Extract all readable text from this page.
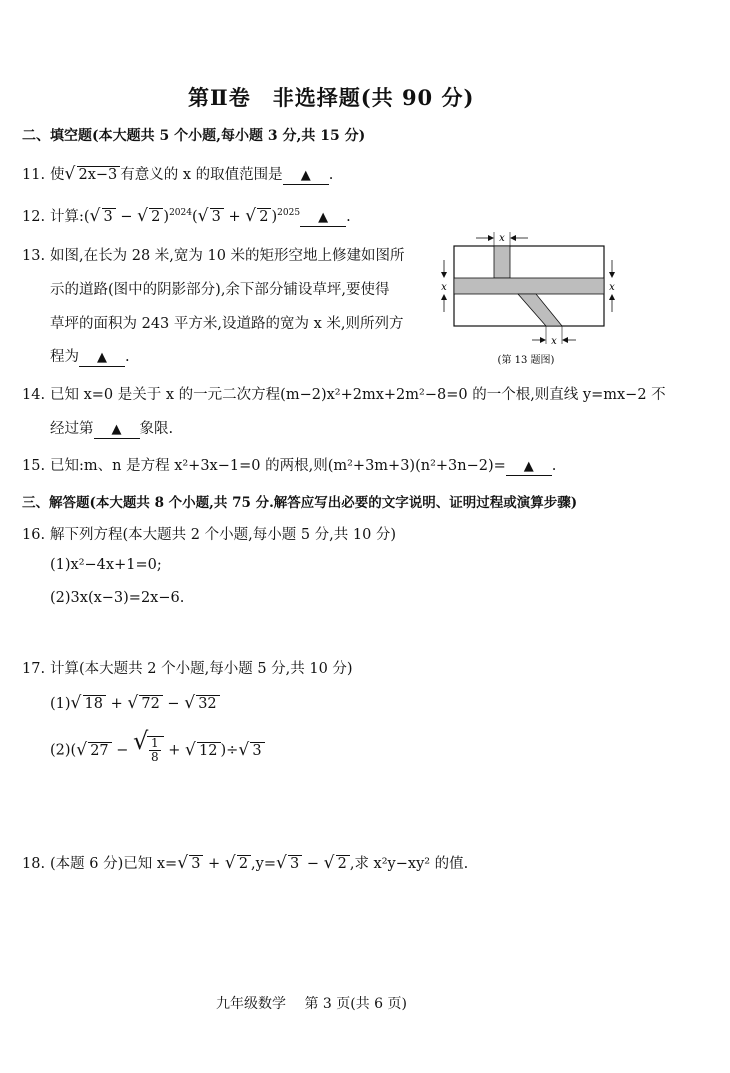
第Ⅱ卷　非选择题(共 90 分)
二、填空题(本大题共 5 个小题,每小题 3 分,共 15 分)
11. 使 √ 2x−3 有意义的 x 的取值范围是 ▲ .
12. 计算:( √ 3 − √ 2 )$^{2024}$( √ 3 + √ 2 )$^{2025}$ ▲ .
13. 如图,在长为 28 米,宽为 10 米的矩形空地上修建如图所
示的道路(图中的阴影部分),余下部分铺设草坪,要使得
草坪的面积为 243 平方米,设道路的宽为 x 米,则所列方
程为 ▲ .
x
x	x
x
(第 13 题图)
14. 已知 x=0 是关于 x 的一元二次方程(m−2)x²+2mx+2m²−8=0 的一个根,则直线 y=mx−2 不
经过第 ▲ 象限.
15. 已知:m、n 是方程 x²+3x−1=0 的两根,则(m²+3m+3)(n²+3n−2)= ▲ .
三、解答题(本大题共 8 个小题,共 75 分.解答应写出必要的文字说明、证明过程或演算步骤)
16. 解下列方程(本大题共 2 个小题,每小题 5 分,共 10 分)
(1)x²−4x+1=0;
(2)3x(x−3)=2x−6.
17. 计算(本大题共 2 个小题,每小题 5 分,共 10 分)
(1) √ 18 + √ 72 − √ 32
(2)( √ 27 − √ $\frac{1}{8}$ + √ 12 )÷ √ 3
18. (本题 6 分)已知 x= √ 3 + √ 2 ,y= √ 3 − √ 2 ,求 x²y−xy² 的值.
九年级数学　 第 3 页(共 6 页)
